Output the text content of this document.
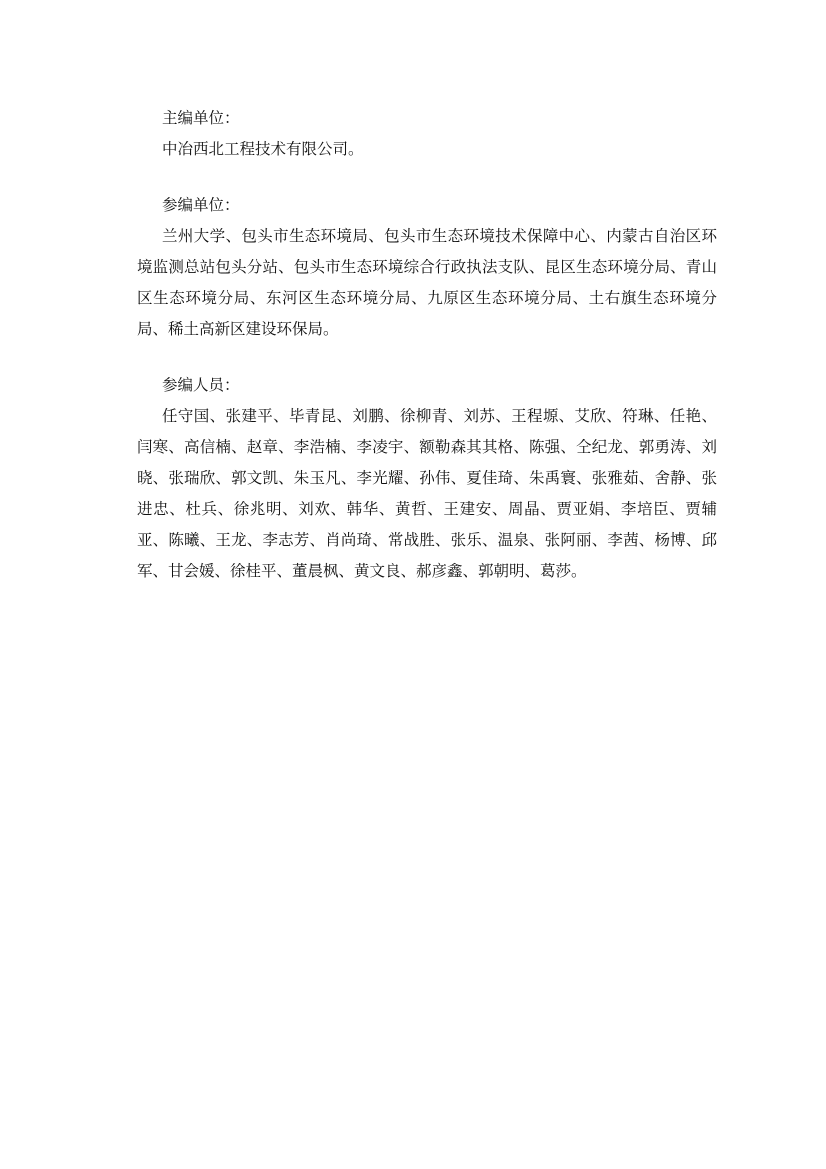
主编单位：

中冶西北工程技术有限公司。

参编单位：

兰州大学、包头市生态环境局、包头市生态环境技术保障中心、内蒙古自治区环境监测总站包头分站、包头市生态环境综合行政执法支队、昆区生态环境分局、青山区生态环境分局、东河区生态环境分局、九原区生态环境分局、土右旗生态环境分局、稀土高新区建设环保局。

参编人员：

任守国、张建平、毕青昆、刘鹏、徐柳青、刘苏、王程塬、艾欣、符琳、任艳、闫寒、高信楠、赵章、李浩楠、李凌宇、额勒森其其格、陈强、仝纪龙、郭勇涛、刘晓、张瑞欣、郭文凯、朱玉凡、李光耀、孙伟、夏佳琦、朱禹寰、张雅茹、舍静、张进忠、杜兵、徐兆明、刘欢、韩华、黄哲、王建安、周晶、贾亚娟、李培臣、贾辅亚、陈曦、王龙、李志芳、肖尚琦、常战胜、张乐、温泉、张阿丽、李茜、杨博、邱军、甘会媛、徐桂平、董晨枫、黄文良、郝彦鑫、郭朝明、葛莎。
